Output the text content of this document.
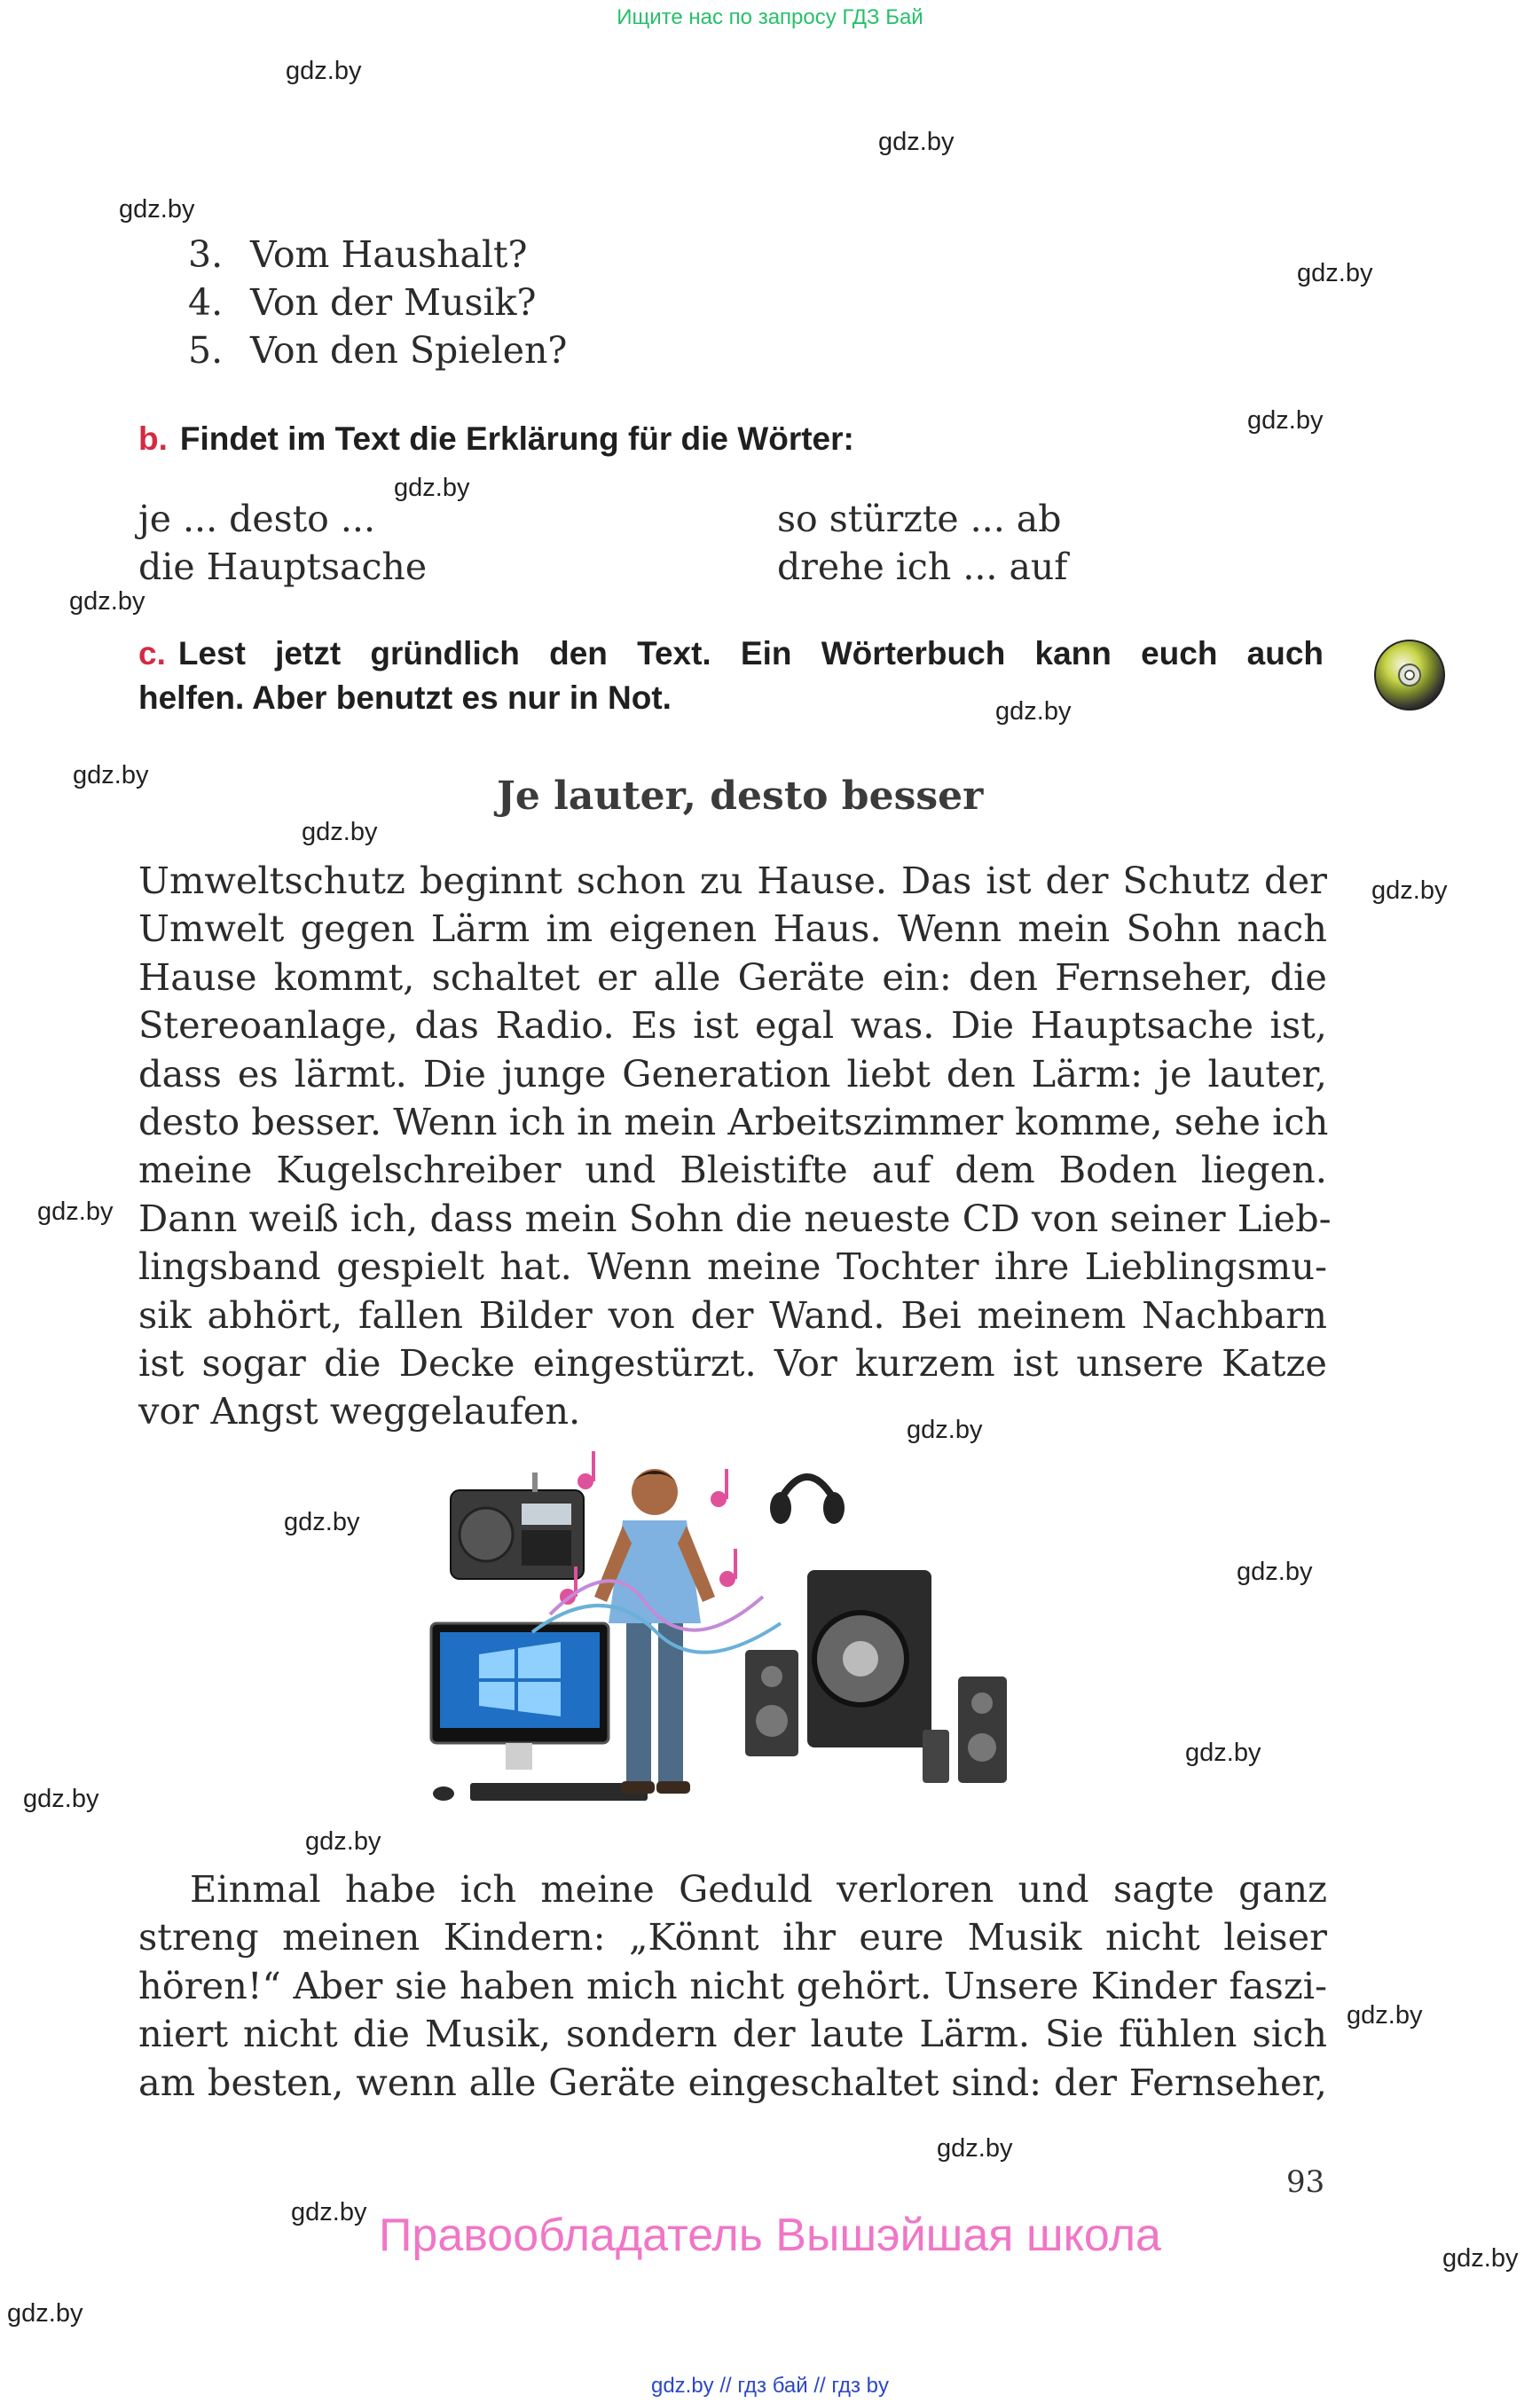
Ищите нас по запросу ГДЗ Бай
gdz.by
gdz.by
gdz.by
gdz.by
gdz.by
gdz.by
gdz.by
gdz.by
gdz.by
gdz.by
gdz.by
gdz.by
gdz.by
gdz.by
gdz.by
gdz.by
gdz.by
gdz.by
gdz.by
gdz.by
gdz.by
gdz.by
gdz.by
3. Vom Haushalt?
4. Von der Musik?
5. Von den Spielen?
b. Findet im Text die Erklärung für die Wörter:
je ... desto ...
die Hauptsache
so stürzte ... ab
drehe ich ... auf
c. Lest jetzt gründlich den Text. Ein Wörterbuch kann euch auch
helfen. Aber benutzt es nur in Not.
Je lauter, desto besser
Umweltschutz beginnt schon zu Hause. Das ist der Schutz der
Umwelt gegen Lärm im eigenen Haus. Wenn mein Sohn nach
Hause kommt, schaltet er alle Geräte ein: den Fernseher, die
Stereoanlage, das Radio. Es ist egal was. Die Hauptsache ist,
dass es lärmt. Die junge Generation liebt den Lärm: je lauter,
desto besser. Wenn ich in mein Arbeitszimmer komme, sehe ich
meine Kugelschreiber und Bleistifte auf dem Boden liegen.
Dann weiß ich, dass mein Sohn die neueste CD von seiner Lieb-
lingsband gespielt hat. Wenn meine Tochter ihre Lieblingsmu-
sik abhört, fallen Bilder von der Wand. Bei meinem Nachbarn
ist sogar die Decke eingestürzt. Vor kurzem ist unsere Katze
vor Angst weggelaufen.
Einmal habe ich meine Geduld verloren und sagte ganz
streng meinen Kindern: „Könnt ihr eure Musik nicht leiser
hören!“ Aber sie haben mich nicht gehört. Unsere Kinder faszi-
niert nicht die Musik, sondern der laute Lärm. Sie fühlen sich
am besten, wenn alle Geräte eingeschaltet sind: der Fernseher,
93
Правообладатель Вышэйшая школа
gdz.by // гдз бай // гдз by
